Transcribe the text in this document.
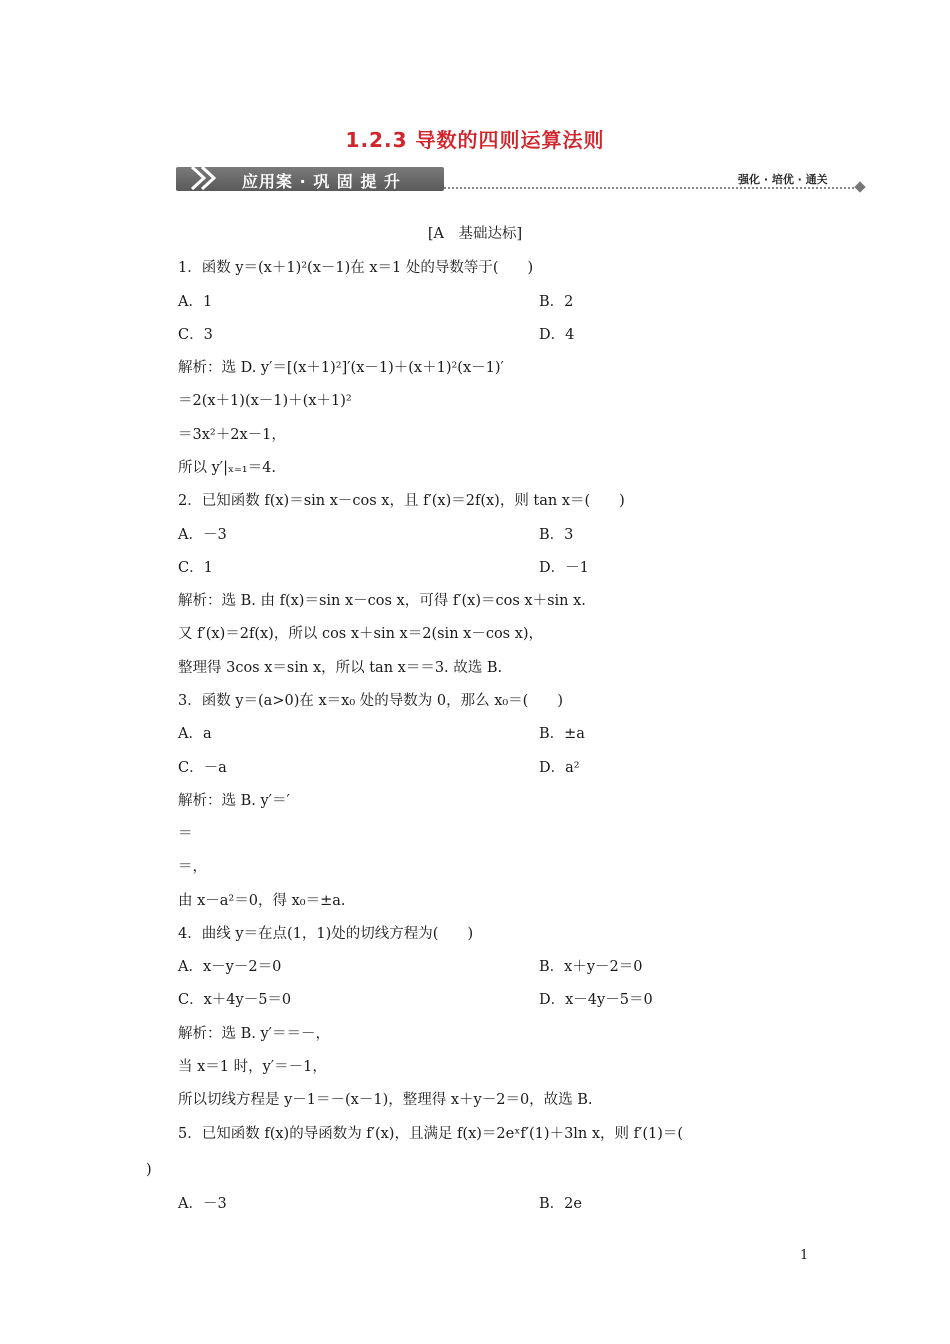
1.2.3 导数的四则运算法则
应用案 · 巩 固 提 升	强化 · 培优 · 通关
[A　基础达标]
1．函数 y＝(x＋1)²(x－1)在 x＝1 处的导数等于(　　)
A．1	B．2
C．3	D．4
解析：选 D. y′＝[(x＋1)²]′(x－1)＋(x＋1)²(x－1)′
＝2(x＋1)(x－1)＋(x＋1)²
＝3x²＋2x－1，
所以 y′|ₓ₌₁＝4.
2．已知函数 f(x)＝sin x－cos x，且 f′(x)＝2f(x)，则 tan x＝(　　)
A．－3	B．3
C．1	D．－1
解析：选 B. 由 f(x)＝sin x－cos x，可得 f′(x)＝cos x＋sin x.
又 f′(x)＝2f(x)，所以 cos x＋sin x＝2(sin x－cos x)，
整理得 3cos x＝sin x，所以 tan x＝＝3. 故选 B.
3．函数 y＝(a>0)在 x＝x₀ 处的导数为 0，那么 x₀＝(　　)
A．a	B．±a
C．－a	D．a²
解析：选 B. y′＝′
＝
＝，
由 x－a²＝0，得 x₀＝±a.
4．曲线 y＝在点(1，1)处的切线方程为(　　)
A．x－y－2＝0	B．x＋y－2＝0
C．x＋4y－5＝0	D．x－4y－5＝0
解析：选 B. y′＝＝－，
当 x＝1 时，y′＝－1，
所以切线方程是 y－1＝－(x－1)，整理得 x＋y－2＝0，故选 B.
5．已知函数 f(x)的导函数为 f′(x)，且满足 f(x)＝2eˣf′(1)＋3ln x，则 f′(1)＝(
)
A．－3	B．2e
1
